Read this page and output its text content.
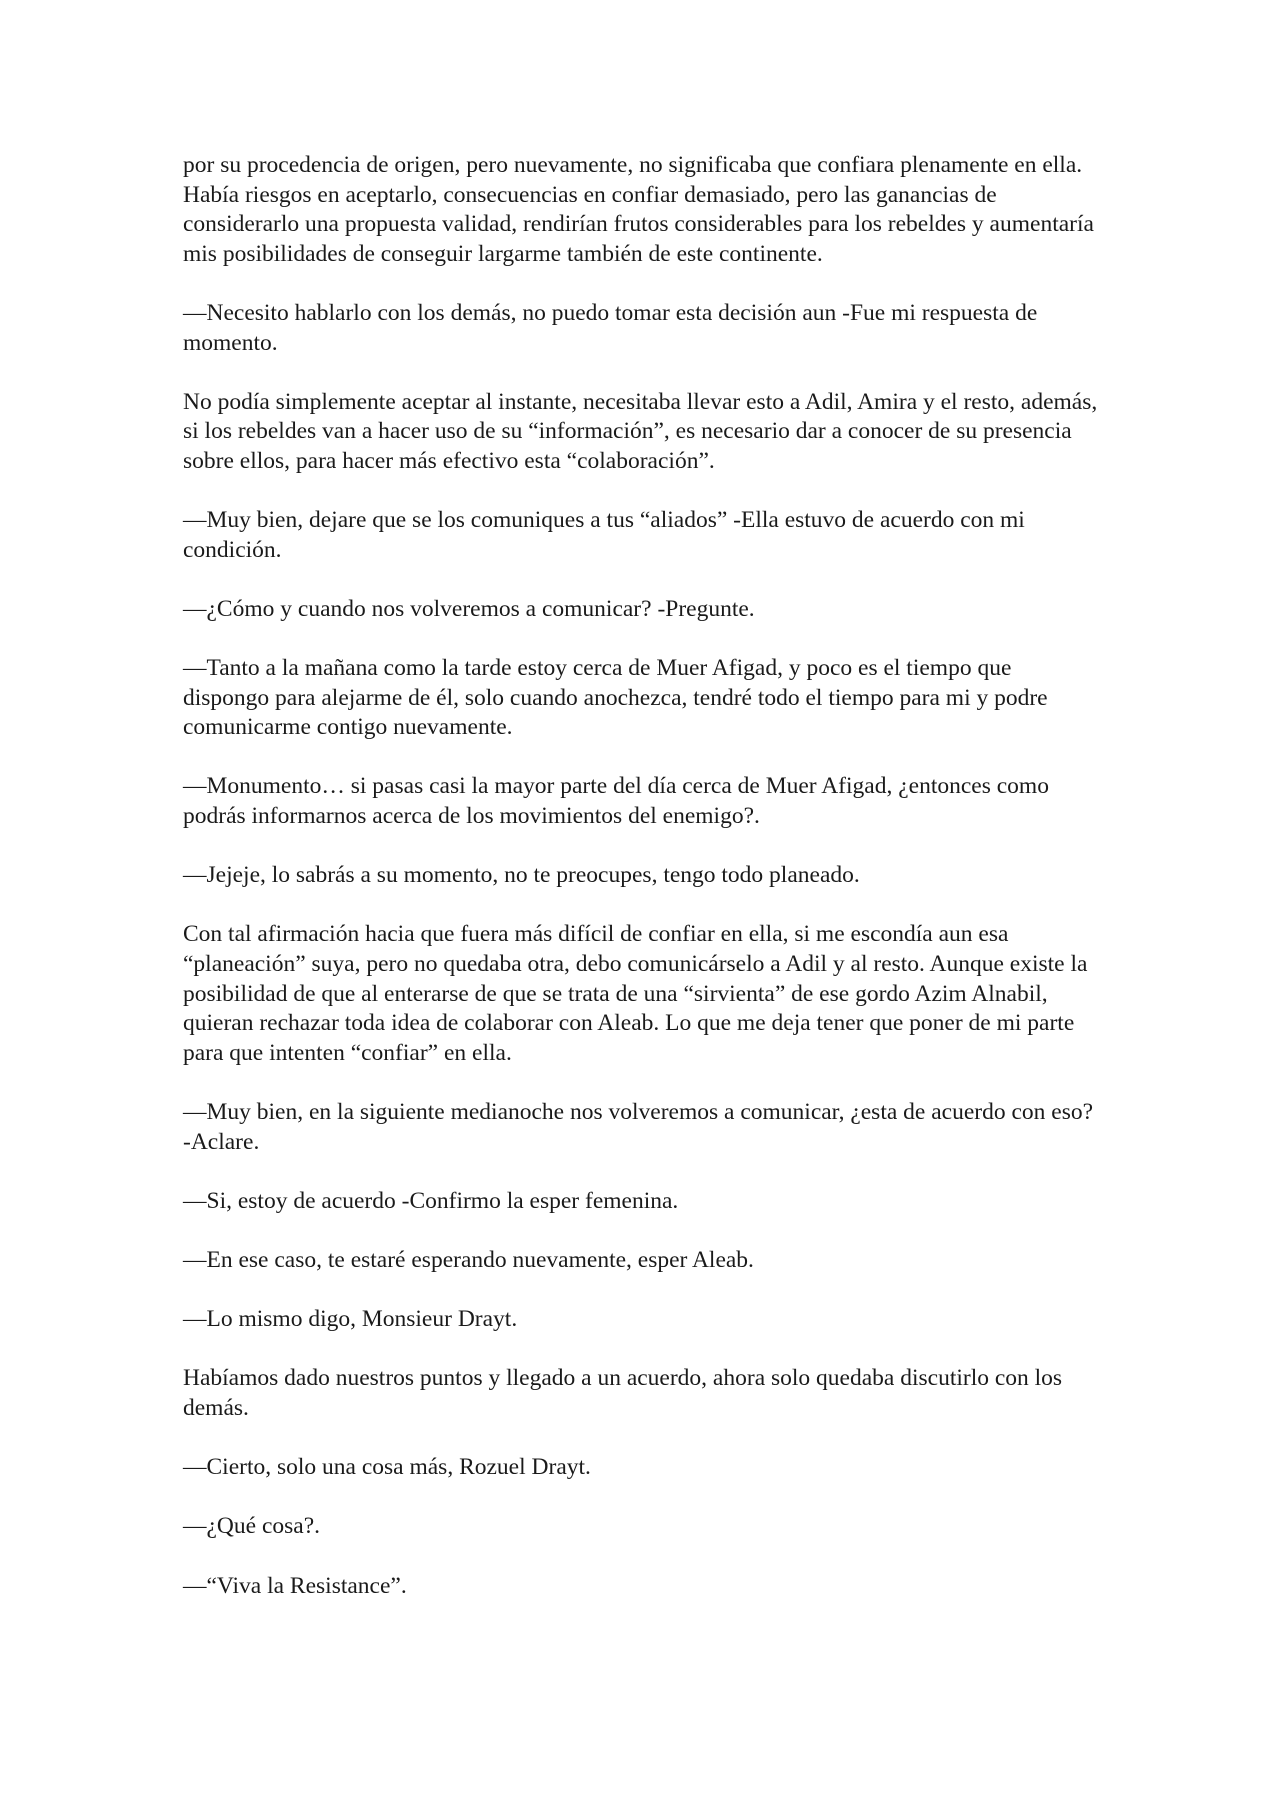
por su procedencia de origen, pero nuevamente, no significaba que confiara plenamente en ella. Había riesgos en aceptarlo, consecuencias en confiar demasiado, pero las ganancias de considerarlo una propuesta validad, rendirían frutos considerables para los rebeldes y aumentaría mis posibilidades de conseguir largarme también de este continente.

—Necesito hablarlo con los demás, no puedo tomar esta decisión aun -Fue mi respuesta de momento.

No podía simplemente aceptar al instante, necesitaba llevar esto a Adil, Amira y el resto, además, si los rebeldes van a hacer uso de su “información”, es necesario dar a conocer de su presencia sobre ellos, para hacer más efectivo esta “colaboración”.

—Muy bien, dejare que se los comuniques a tus “aliados” -Ella estuvo de acuerdo con mi condición.

—¿Cómo y cuando nos volveremos a comunicar? -Pregunte.

—Tanto a la mañana como la tarde estoy cerca de Muer Afigad, y poco es el tiempo que dispongo para alejarme de él, solo cuando anochezca, tendré todo el tiempo para mi y podre comunicarme contigo nuevamente.

—Monumento… si pasas casi la mayor parte del día cerca de Muer Afigad, ¿entonces como podrás informarnos acerca de los movimientos del enemigo?.

—Jejeje, lo sabrás a su momento, no te preocupes, tengo todo planeado.

Con tal afirmación hacia que fuera más difícil de confiar en ella, si me escondía aun esa “planeación” suya, pero no quedaba otra, debo comunicárselo a Adil y al resto. Aunque existe la posibilidad de que al enterarse de que se trata de una “sirvienta” de ese gordo Azim Alnabil, quieran rechazar toda idea de colaborar con Aleab. Lo que me deja tener que poner de mi parte para que intenten “confiar” en ella.

—Muy bien, en la siguiente medianoche nos volveremos a comunicar, ¿esta de acuerdo con eso? -Aclare.

—Si, estoy de acuerdo -Confirmo la esper femenina.

—En ese caso, te estaré esperando nuevamente, esper Aleab.

—Lo mismo digo, Monsieur Drayt.

Habíamos dado nuestros puntos y llegado a un acuerdo, ahora solo quedaba discutirlo con los demás.

—Cierto, solo una cosa más, Rozuel Drayt.

—¿Qué cosa?.

—“Viva la Resistance”.
